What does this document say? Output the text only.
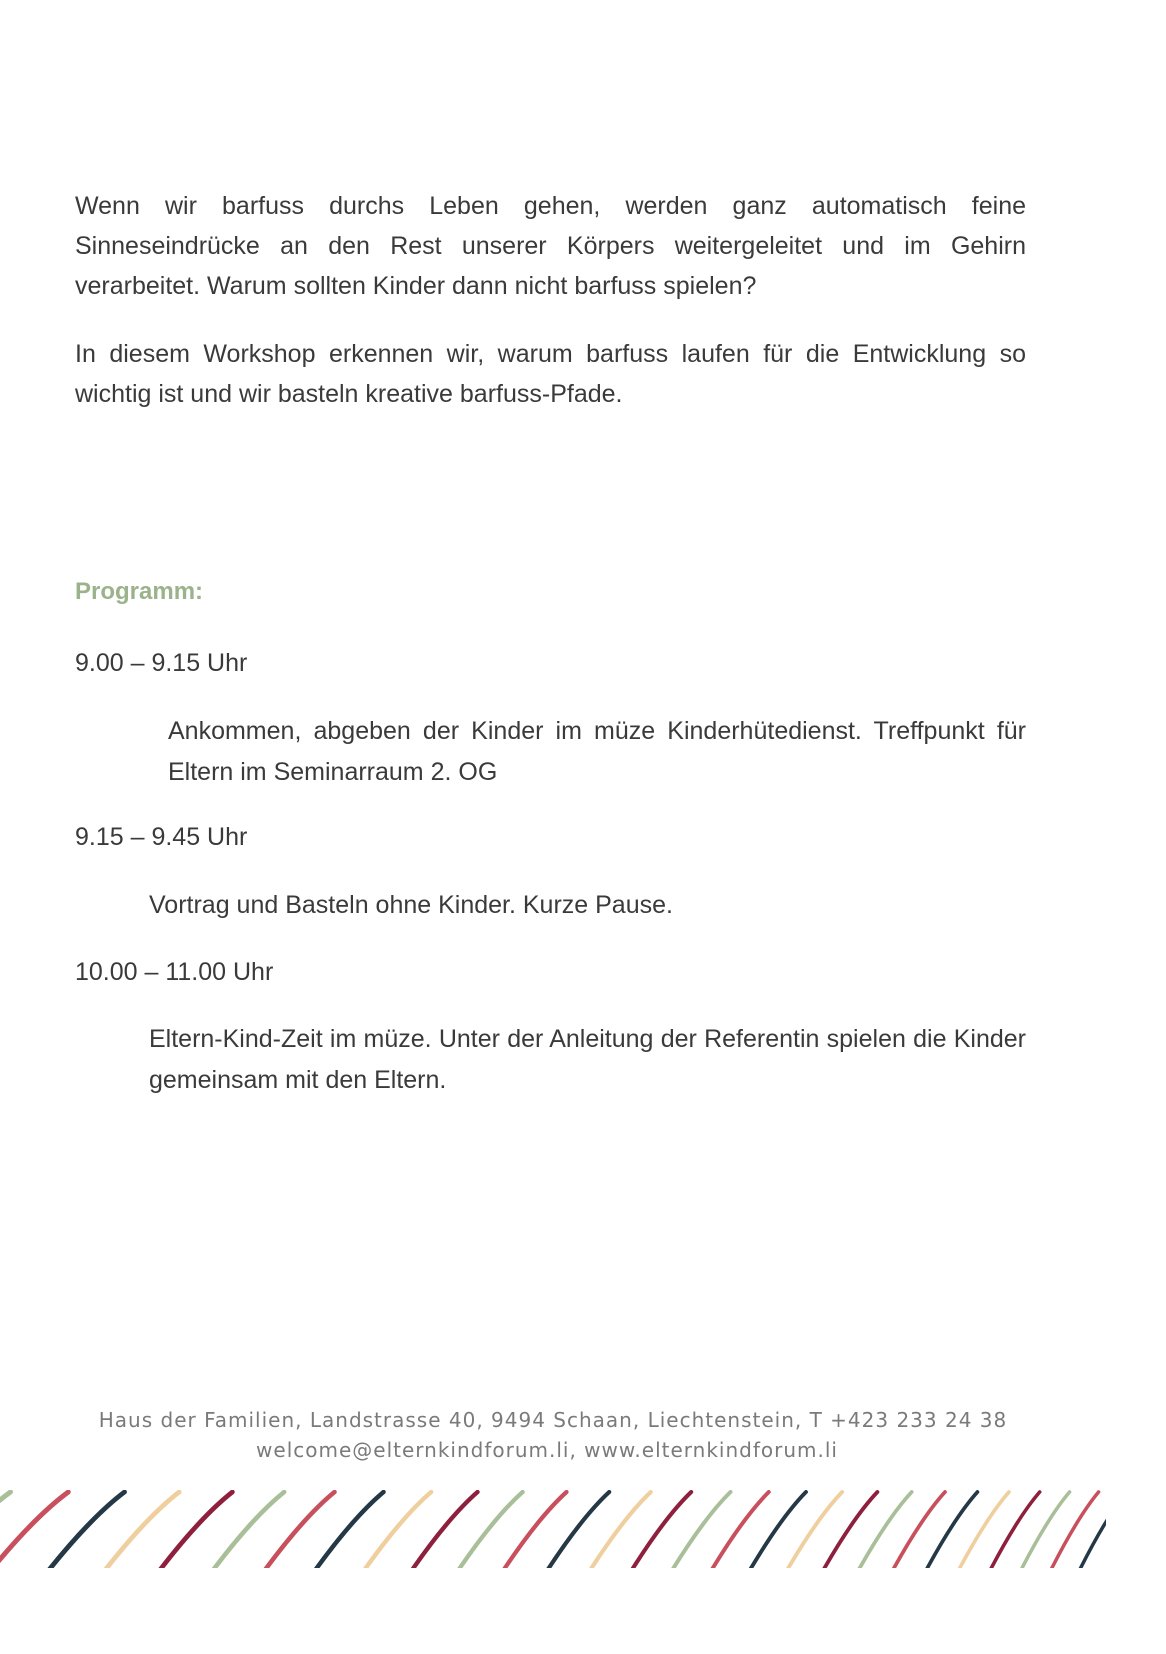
Wenn wir barfuss durchs Leben gehen, werden ganz automatisch feine Sinneseindrücke an den Rest unserer Körpers weitergeleitet und im Gehirn verarbeitet. Warum sollten Kinder dann nicht barfuss spielen?

In diesem Workshop erkennen wir, warum barfuss laufen für die Entwicklung so wichtig ist und wir basteln kreative barfuss-Pfade.

Programm:

9.00 – 9.15 Uhr

Ankommen, abgeben der Kinder im müze Kinderhütedienst. Treffpunkt für Eltern im Seminarraum 2. OG

9.15 – 9.45 Uhr

Vortrag und Basteln ohne Kinder. Kurze Pause.

10.00 – 11.00 Uhr

Eltern-Kind-Zeit im müze. Unter der Anleitung der Referentin spielen die Kinder gemeinsam mit den Eltern.

Haus der Familien, Landstrasse 40, 9494 Schaan, Liechtenstein, T +423 233 24 38

welcome@elternkindforum.li, www.elternkindforum.li
